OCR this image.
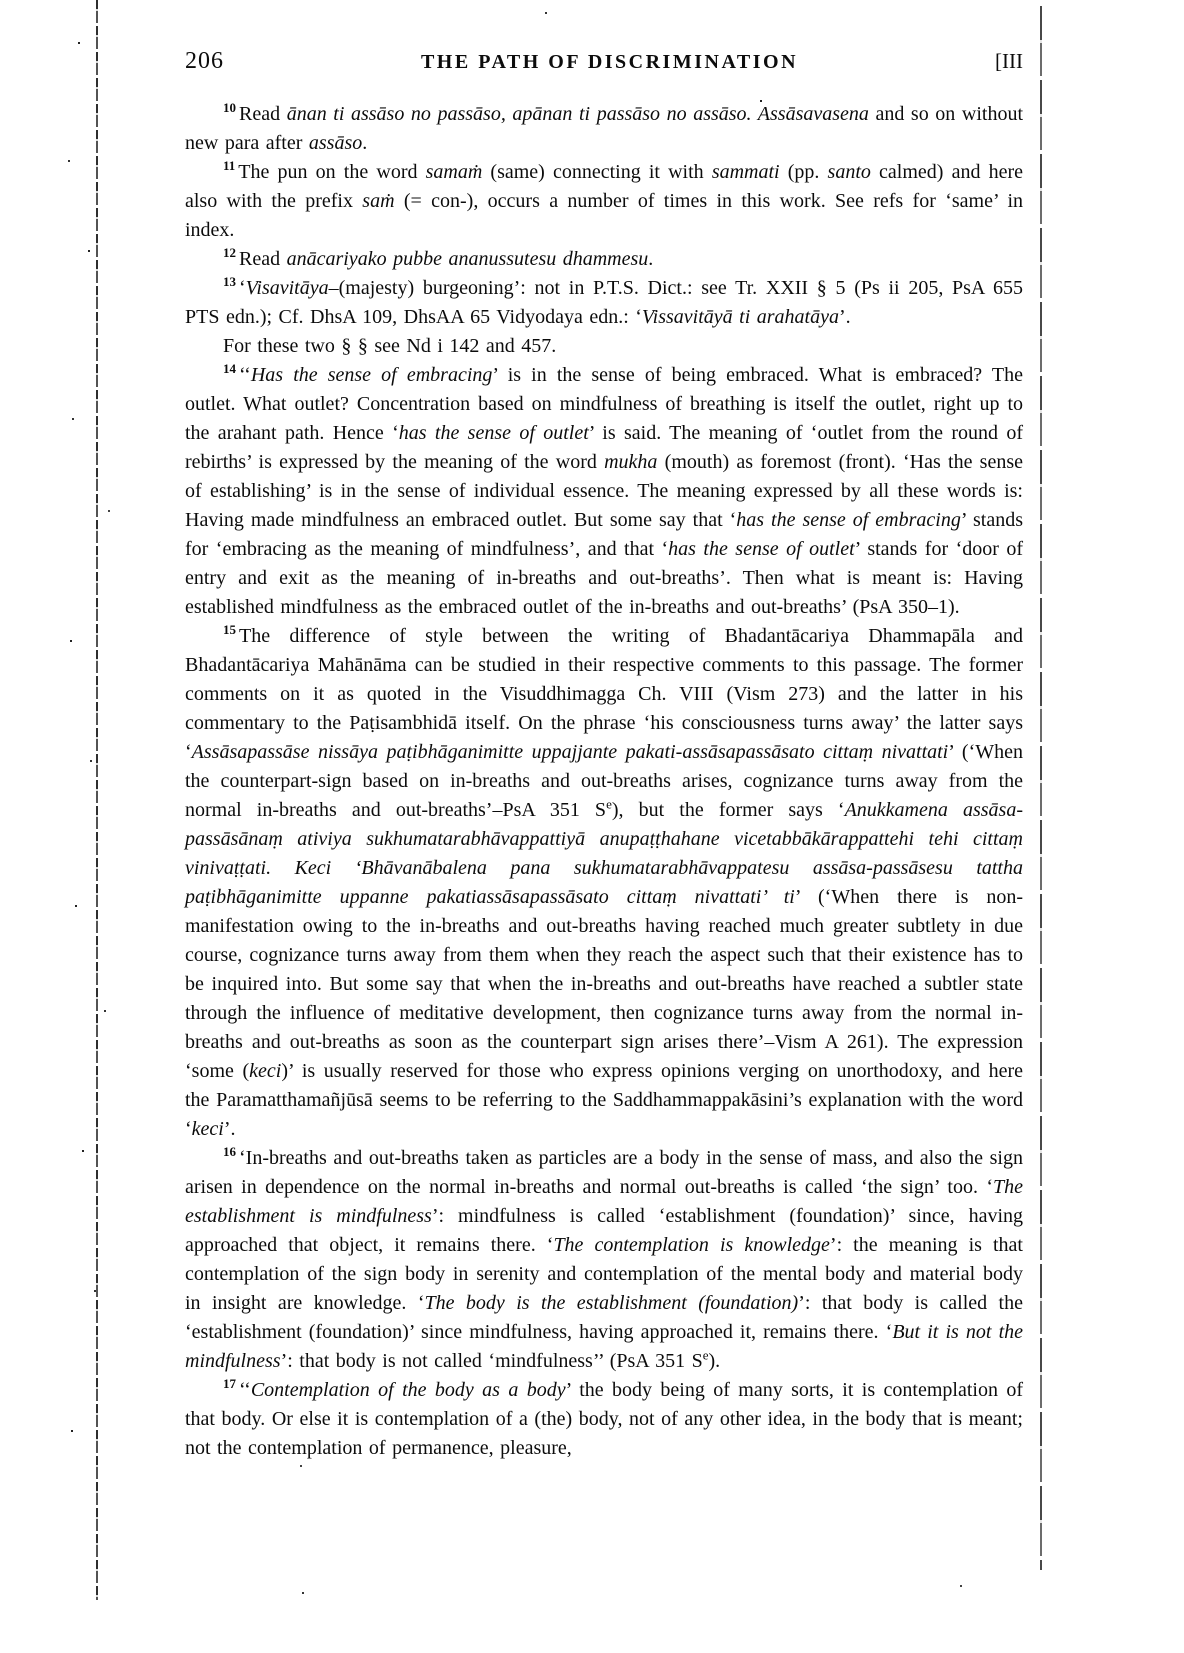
206	THE PATH OF DISCRIMINATION	[III

$^{10}$ Read ānan ti assāso no passāso, apānan ti passāso no assāso. Assāsavasena and so on without new para after assāso.

$^{11}$ The pun on the word samaṁ (same) connecting it with sammati (pp. santo calmed) and here also with the prefix saṁ (= con-), occurs a number of times in this work. See refs for ‘same’ in index.

$^{12}$ Read anācariyako pubbe ananussutesu dhammesu.

$^{13}$ ‘Visavitāya–(majesty) burgeoning’: not in P.T.S. Dict.: see Tr. XXII § 5 (Ps ii 205, PsA 655 PTS edn.); Cf. DhsA 109, DhsAA 65 Vidyodaya edn.: ‘Vissavitāyā ti arahatāya’.

For these two § § see Nd i 142 and 457.

$^{14}$ ‘‘Has the sense of embracing’ is in the sense of being embraced. What is embraced? The outlet. What outlet? Concentration based on mindfulness of breathing is itself the outlet, right up to the arahant path. Hence ‘has the sense of outlet’ is said. The meaning of ‘outlet from the round of rebirths’ is expressed by the meaning of the word mukha (mouth) as foremost (front). ‘Has the sense of establishing’ is in the sense of individual essence. The meaning expressed by all these words is: Having made mindfulness an embraced outlet. But some say that ‘has the sense of embracing’ stands for ‘embracing as the meaning of mindfulness’, and that ‘has the sense of outlet’ stands for ‘door of entry and exit as the meaning of in-breaths and out-breaths’. Then what is meant is: Having established mindfulness as the embraced outlet of the in-breaths and out-breaths’ (PsA 350–1).

$^{15}$ The difference of style between the writing of Bhadantācariya Dhammapāla and Bhadantācariya Mahānāma can be studied in their respective comments to this passage. The former comments on it as quoted in the Visuddhimagga Ch. VIII (Vism 273) and the latter in his commentary to the Paṭisambhidā itself. On the phrase ‘his consciousness turns away’ the latter says ‘Assāsapassāse nissāya paṭibhāganimitte uppajjante pakati-assāsapassāsato cittaṃ nivattati’ (‘When the counterpart-sign based on in-breaths and out-breaths arises, cognizance turns away from the normal in-breaths and out-breaths’–PsA 351 $S^e$), but the former says ‘Anukkamena assāsa-passāsānaṃ ativiya sukhumatarabhāvappattiyā anupaṭṭhahane vicetabbākārappattehi tehi cittaṃ vinivaṭṭati. Keci ‘Bhāvanābalena pana sukhumatarabhāvappatesu assāsa-passāsesu tattha paṭibhāganimitte uppanne pakatiassāsapassāsato cittaṃ nivattati’ ti’ (‘When there is non-manifestation owing to the in-breaths and out-breaths having reached much greater subtlety in due course, cognizance turns away from them when they reach the aspect such that their existence has to be inquired into. But some say that when the in-breaths and out-breaths have reached a subtler state through the influence of meditative development, then cognizance turns away from the normal in-breaths and out-breaths as soon as the counterpart sign arises there’–Vism A 261). The expression ‘some (keci)’ is usually reserved for those who express opinions verging on unorthodoxy, and here the Paramatthamañjūsā seems to be referring to the Saddhammappakāsini’s explanation with the word ‘keci’.

$^{16}$ ‘In-breaths and out-breaths taken as particles are a body in the sense of mass, and also the sign arisen in dependence on the normal in-breaths and normal out-breaths is called ‘the sign’ too. ‘The establishment is mindfulness’: mindfulness is called ‘establishment (foundation)’ since, having approached that object, it remains there. ‘The contemplation is knowledge’: the meaning is that contemplation of the sign body in serenity and contemplation of the mental body and material body in insight are knowledge. ‘The body is the establishment (foundation)’: that body is called the ‘establishment (foundation)’ since mindfulness, having approached it, remains there. ‘But it is not the mindfulness’: that body is not called ‘mindfulness’’ (PsA 351 $S^e$).

$^{17}$ ‘‘Contemplation of the body as a body’ the body being of many sorts, it is contemplation of that body. Or else it is contemplation of a (the) body, not of any other idea, in the body that is meant; not the contemplation of permanence, pleasure,
